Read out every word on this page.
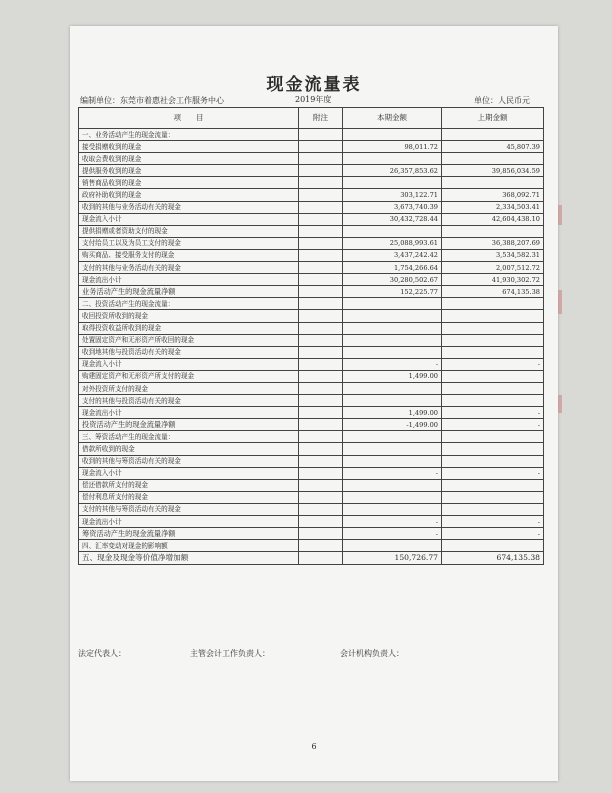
现金流量表
编制单位：东莞市着惠社会工作服务中心	2019年度	单位：人民币元
项　　目	附注	本期金额	上期金额
一、业务活动产生的现金流量：			
接受捐赠收到的现金		98,011.72	45,807.39
收取会费收到的现金			
提供服务收到的现金		26,357,853.62	39,856,034.59
销售商品收到的现金			
政府补助收到的现金		303,122.71	368,092.71
收到的其他与业务活动有关的现金		3,673,740.39	2,334,503.41
现金流入小计		30,432,728.44	42,604,438.10
提供捐赠或者资助支付的现金			
支付给员工以及为员工支付的现金		25,088,993.61	36,388,207.69
购买商品、接受服务支付的现金		3,437,242.42	3,534,582.31
支付的其他与业务活动有关的现金		1,754,266.64	2,007,512.72
现金流出小计		30,280,502.67	41,930,302.72
业务活动产生的现金流量净额		152,225.77	674,135.38
二、投资活动产生的现金流量：			
收回投资所收到的现金			
取得投资收益所收到的现金			
处置固定资产和无形资产所收回的现金			
收到地其他与投资活动有关的现金			
现金流入小计		-	-
购建固定资产和无形资产所支付的现金		1,499.00	
对外投资所支付的现金			
支付的其他与投资活动有关的现金			
现金流出小计		1,499.00	-
投资活动产生的现金流量净额		-1,499.00	-
三、筹资活动产生的现金流量：			
借款所收到的现金			
收到的其他与筹资活动有关的现金			
现金流入小计		-	-
偿还借款所支付的现金			
偿付利息所支付的现金			
支付的其他与筹资活动有关的现金			
现金流出小计		-	-
筹资活动产生的现金流量净额		-	-
四、汇率变动对现金的影响额			
五、现金及现金等价值净增加额		150,726.77	674,135.38
法定代表人：	主管会计工作负责人：	会计机构负责人：
6
